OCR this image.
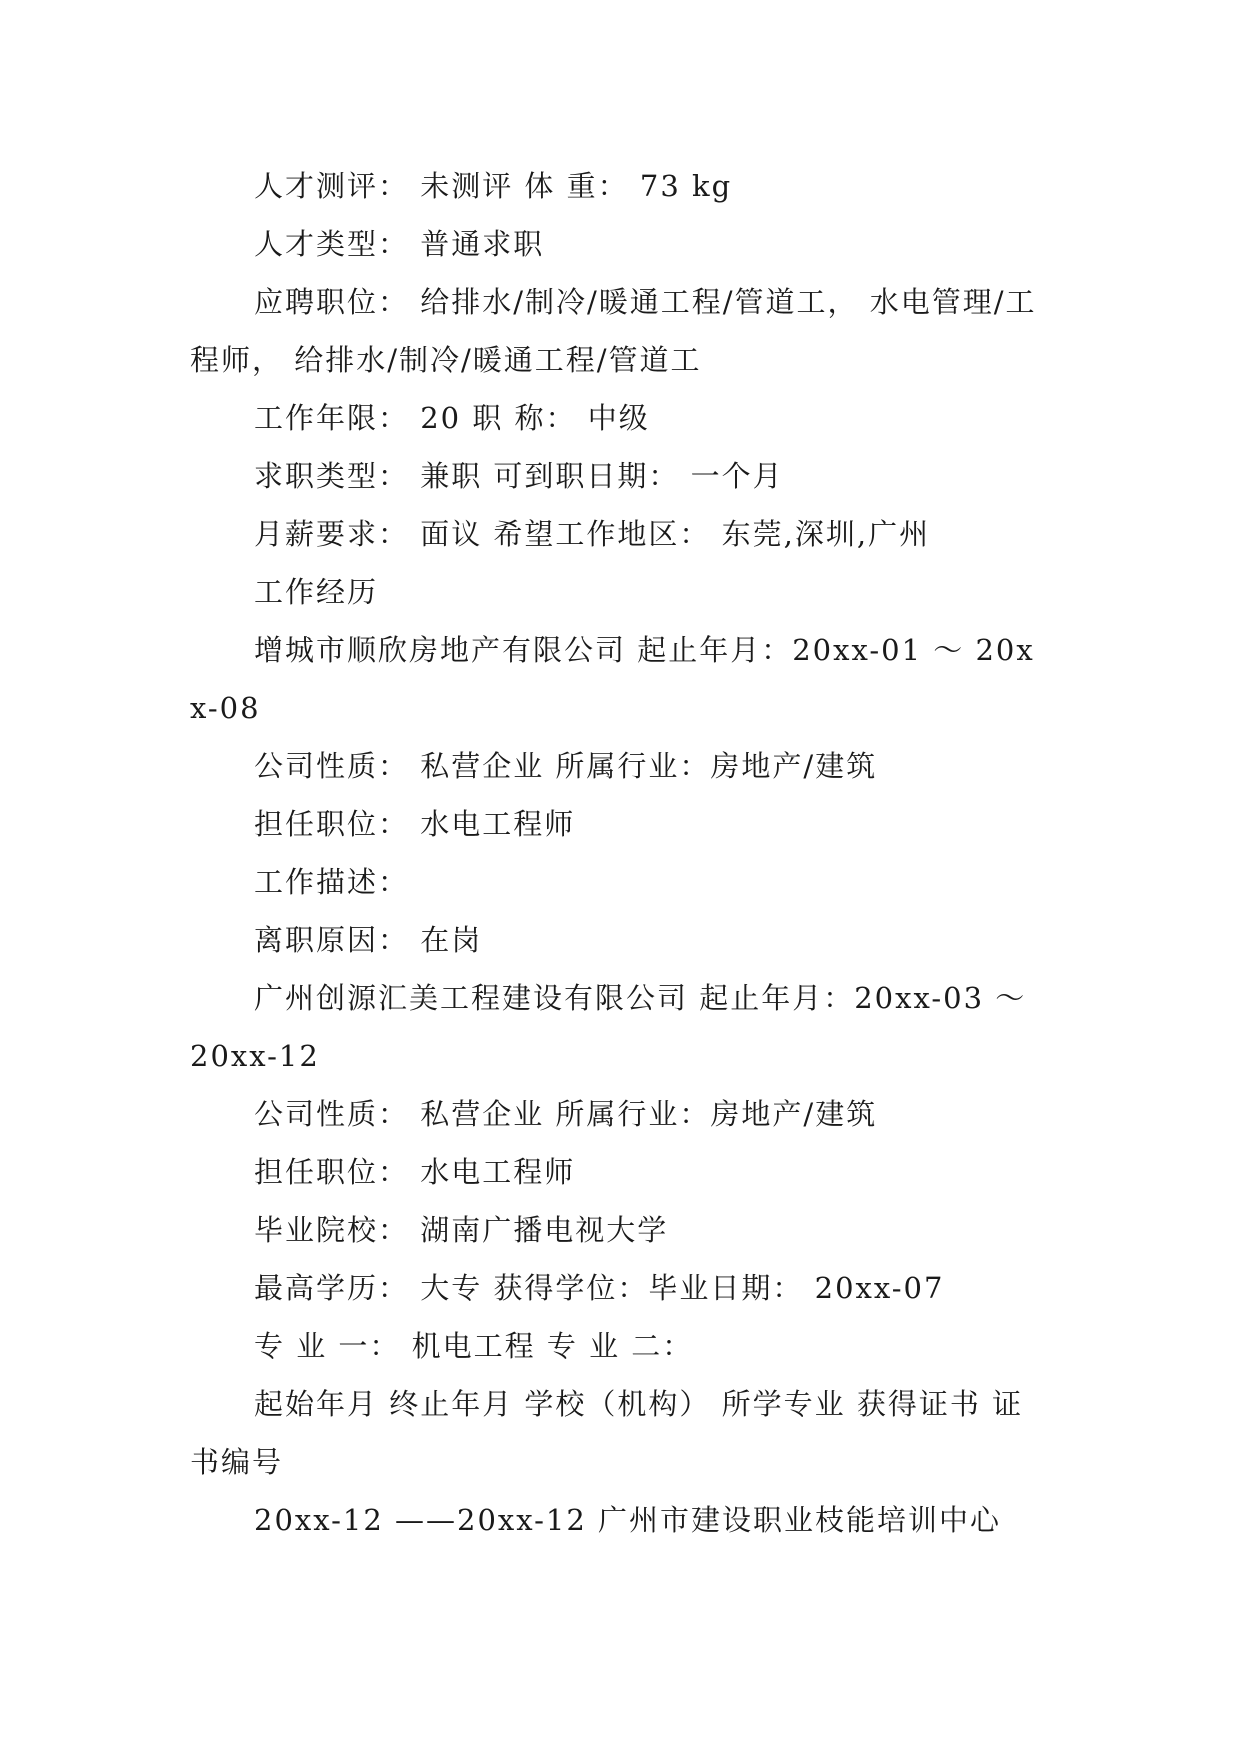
人才测评： 未测评 体 重： 73 kg

人才类型： 普通求职

应聘职位： 给排水/制冷/暖通工程/管道工， 水电管理/工程师， 给排水/制冷/暖通工程/管道工

工作年限： 20 职 称： 中级

求职类型： 兼职 可到职日期： 一个月

月薪要求： 面议 希望工作地区： 东莞,深圳,广州

工作经历

增城市顺欣房地产有限公司 起止年月：20xx-01 ～ 20xx-08

公司性质： 私营企业 所属行业：房地产/建筑

担任职位： 水电工程师

工作描述：

离职原因： 在岗

广州创源汇美工程建设有限公司 起止年月：20xx-03 ～ 20xx-12

公司性质： 私营企业 所属行业：房地产/建筑

担任职位： 水电工程师

毕业院校： 湖南广播电视大学

最高学历： 大专 获得学位：毕业日期： 20xx-07

专 业 一： 机电工程 专 业 二：

起始年月 终止年月 学校（机构） 所学专业 获得证书 证书编号

20xx-12 ——20xx-12 广州市建设职业枝能培训中心
